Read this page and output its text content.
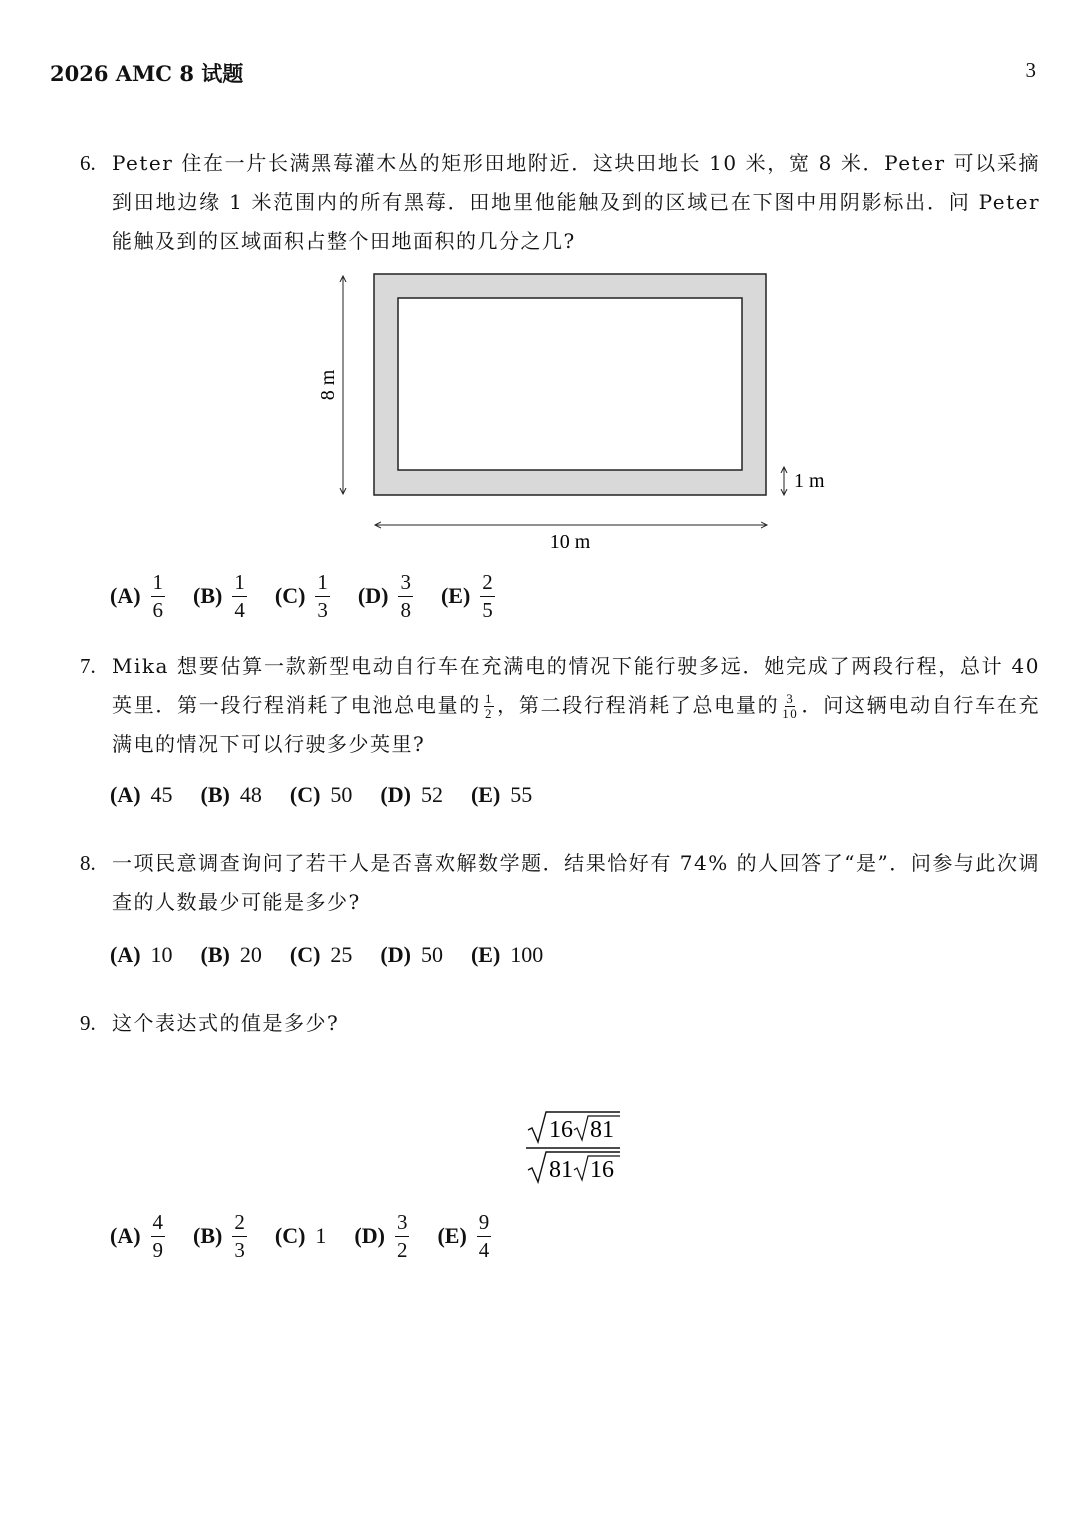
2026 AMC 8 试题	3
6. Peter 住在一片长满黑莓灌木丛的矩形田地附近．这块田地长 10 米，宽 8 米．Peter 可以采摘到田地边缘 1 米范围内的所有黑莓．田地里他能触及到的区域已在下图中用阴影标出．问 Peter 能触及到的区域面积占整个田地面积的几分之几?
8 m
10 m
1 m
$(A) \frac{1}{6} (B) \frac{1}{4} (C) \frac{1}{3} (D) \frac{3}{8} (E) \frac{2}{5}$
7. Mika 想要估算一款新型电动自行车在充满电的情况下能行驶多远．她完成了两段行程，总计 40 英里．第一段行程消耗了电池总电量的 $\frac{1}{2}$ ，第二段行程消耗了总电量的 $\frac{3}{10}$ ．问这辆电动自行车在充满电的情况下可以行驶多少英里?
(A) 45 (B) 48 (C) 50 (D) 52 (E) 55
8. 一项民意调查询问了若干人是否喜欢解数学题．结果恰好有 74% 的人回答了“是”．问参与此次调查的人数最少可能是多少?
(A) 10 (B) 20 (C) 25 (D) 50 (E) 100
9. 这个表达式的值是多少?
16 81
81 16
$(A) \frac{4}{9} (B) \frac{2}{3} (C)$ 1 $(D) \frac{3}{2} (E) \frac{9}{4}$
